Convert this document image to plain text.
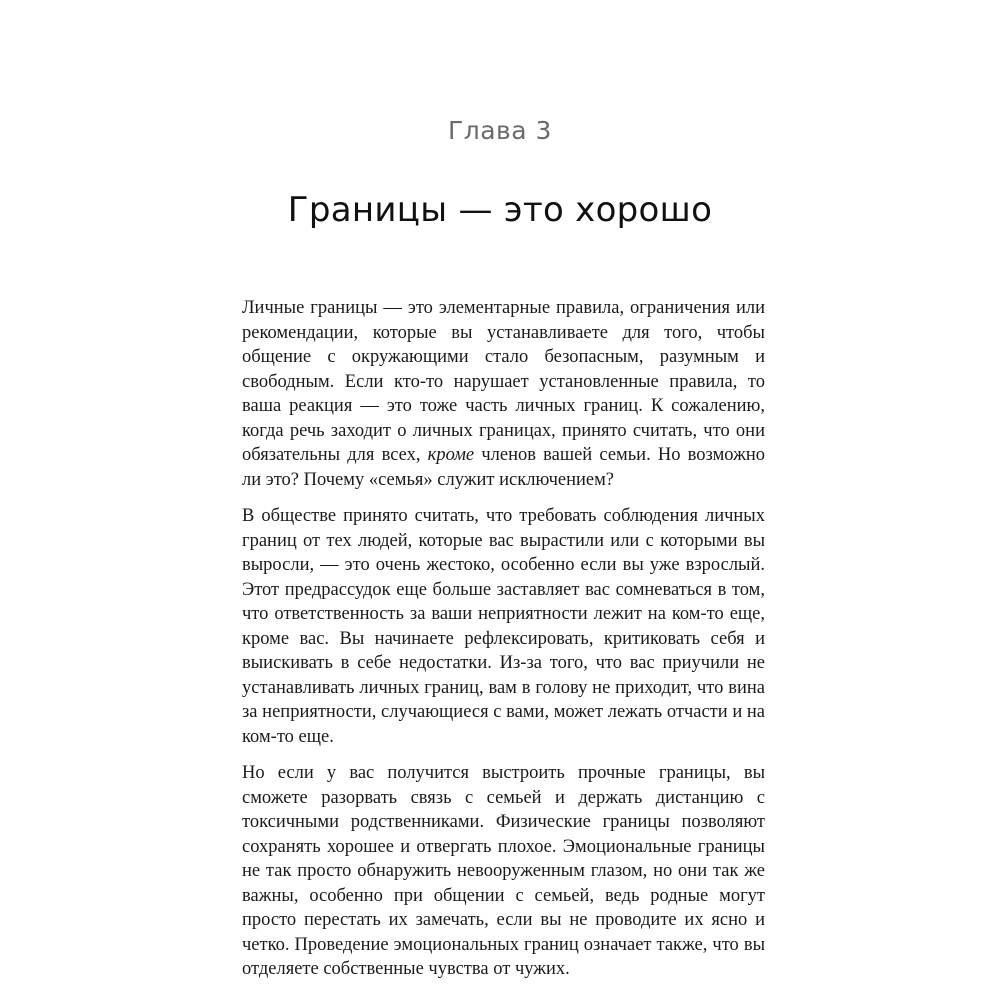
Глава 3
Границы — это хорошо

Личные границы — это элементарные правила, ограничения или рекомендации, которые вы устанавливаете для того, чтобы общение с окружающими стало безопасным, разумным и свободным. Если кто-то нарушает установленные правила, то ваша реакция — это тоже часть личных границ. К сожалению, когда речь заходит о личных границах, принято считать, что они обязательны для всех, кроме членов вашей семьи. Но возможно ли это? Почему «семья» служит исключением?

В обществе принято считать, что требовать соблюдения личных границ от тех людей, которые вас вырастили или с которыми вы выросли, — это очень жестоко, особенно если вы уже взрослый. Этот предрассудок еще больше заставляет вас сомневаться в том, что ответственность за ваши неприятности лежит на ком-то еще, кроме вас. Вы начинаете рефлексировать, критиковать себя и выискивать в себе недостатки. Из-за того, что вас приучили не устанавливать личных границ, вам в голову не приходит, что вина за неприятности, случающиеся с вами, может лежать отчасти и на ком-то еще.

Но если у вас получится выстроить прочные границы, вы сможете разорвать связь с семьей и держать дистанцию с токсичными родственниками. Физические границы позволяют сохранять хорошее и отвергать плохое. Эмоциональные границы не так просто обнаружить невооруженным глазом, но они так же важны, особенно при общении с семьей, ведь родные могут просто перестать их замечать, если вы не проводите их ясно и четко. Проведение эмоциональных границ означает также, что вы отделяете собственные чувства от чужих.
